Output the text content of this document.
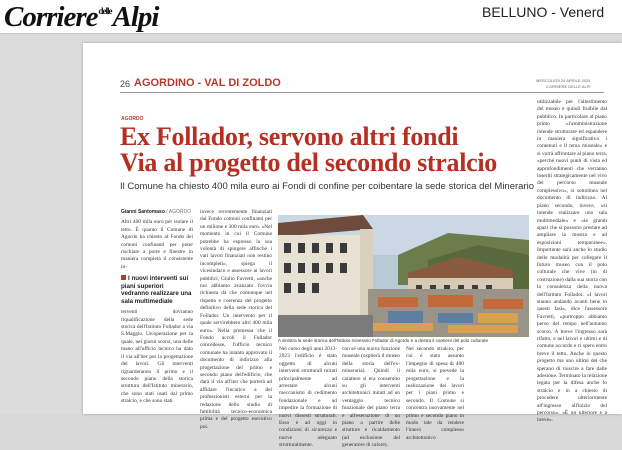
Corriere$^{delle}$Alpi	BELLUNO - Venerd
26 AGORDINO - VAL DI ZOLDO	MERCOLEDÌ 24 APRILE 2024
CORRIERE DELLE ALPI
AGORDO
Ex Follador, servono altri fondi
Via al progetto del secondo stralcio
Il Comune ha chiesto 400 mila euro ai Fondi di confine per coibentare la sede storica del Minerario
Gianni Santomaso / AGORDO
Altri 400 mila euro per isolare il tetto. È quanto il Comune di Agordo ha chiesto al Fondo dei comuni confinanti per poter rischiare a porte e finestre in maniera completa il consistente in-
I nuovi interventi sui piani superiori vedranno realizzare una sala multimediale
terventi dovranno riqualificazione della sede storica dell'Istituto Follador a via S.Maggio. Un'operazione per la quale, nei giorni scorsi, una delle mano all'ufficio tecnico ha dato il via all'iter per la progettazione del lavori. Gli interventi riguarderanno il primo e il secondo piano della storica struttura dell'Istituto minerario, che sono stati usati dal primo stralcio, e che sono stati
invece recentemente finanziati dal Fondo comuni confinanti per un milione e 300 mila euro. «Nel momento in cui il Comune potrebbe ha espresso la sua volontà di spingere affinché i vari lavori finanziati non restino incompleti», spiega il vicesindaco e assessore ai lavori pubblici, Giulio Favretti, «anche noi abbiamo avanzato l'ovvia richiesta da che comunque nel rispetto e coerenza del progetto definitivo della sede storica del Follador. Un intervento per il quale servirebbero altri 400 mila euro». Nella premessa che il Fondo accoli il Follador concedesse, l'ufficio tecnico comunale ha intanto approvato il documento di indirizzo alla progettazione del primo e secondo piano dell'edificio, che darà il via all'iter che porterà ad affidare l'incarico a dei professionisti esterni per la redazione dello studio di fattibilità tecnico-economica prima e del progetto esecutivo poi.
A sinistra la sede storica dell'Istituto minerario Follador di Agordo e a destra il cantiere del polo culturale
Nel corso degli anni 2013-2023 l'edificio è stato oggetto di alcuni interventi strutturali mirati principalmente ad arrestare alcuni meccanismi di cedimento fondazionale e ad impedire la formazione di nuovi dissesti strutturali. Esso è ad oggi in condizioni di sicurezza e nuove adeguato strutturalmente.
con sé una nuova funzione museale (ospiterà il museo della storia dell'ex-mineraria). Quindi il carattere si era consentito su gli interventi architettonici mirati ad un ventaggio tecnico funzionale del piano terra e all'esecuzione di un piano a partire delle strutture e ricaldamento (ad esclusione del generatore di calore).
Nel secondo stralcio, per cui è stato assunto l'impegno di spesa di 400 mila euro, si prevede la progettazione e la realizzazione dei lavori per i piani primo e secondo. Il Comune si concentra nuovamente nel primo e secondo piano in modo tale da rendere l'intero complesso architettonico
utilizzabile per l'allestimento del museo e quindi fruibile dal pubblico. In particolare al piano primo «l'amministrazione intende strutturare ed espandere in maniera significativa i contenuti e il tema museale» e si vorrà affrontare al piano terra, «perché nuovi punti di vista ed approfondimenti che verranno inseriti strategicamente nel vivo del percorso museale complessivo», si sottolinea nel documento di indirizzo. Al piano secondo, invece, «si intende realizzare una sala multimediale» e «le grandi spazi che si possono prestare ad ampliare la mostra e ad esposizioni temporanee». Importante sarà anche lo studio delle modalità per collegare il futuro museo con il polo culturale che vive (in di costruzione) dalla sua storia con la consulenza della nuova dell'Istituto Follador. «I lavori stanno andando avanti bene in questi fasi», dice l'assessore Favretti, «purtroppo abbiamo perso del tempo nell'autunno scorso. A breve l'ingresso sarà rifatto, e nel lavori e ultimi e di comune accordo e ci spero entro breve il tetto. Anche in questo progetto ma uno ultimi del che sperano di riuscire a fare dalle adesione. Terminato la relazione legata per la difesa anche lo stralcio e in a chiesto di procedere ulteriormente all'ingresso all'inizio del percorso». «È un ulteriore e a breve».
